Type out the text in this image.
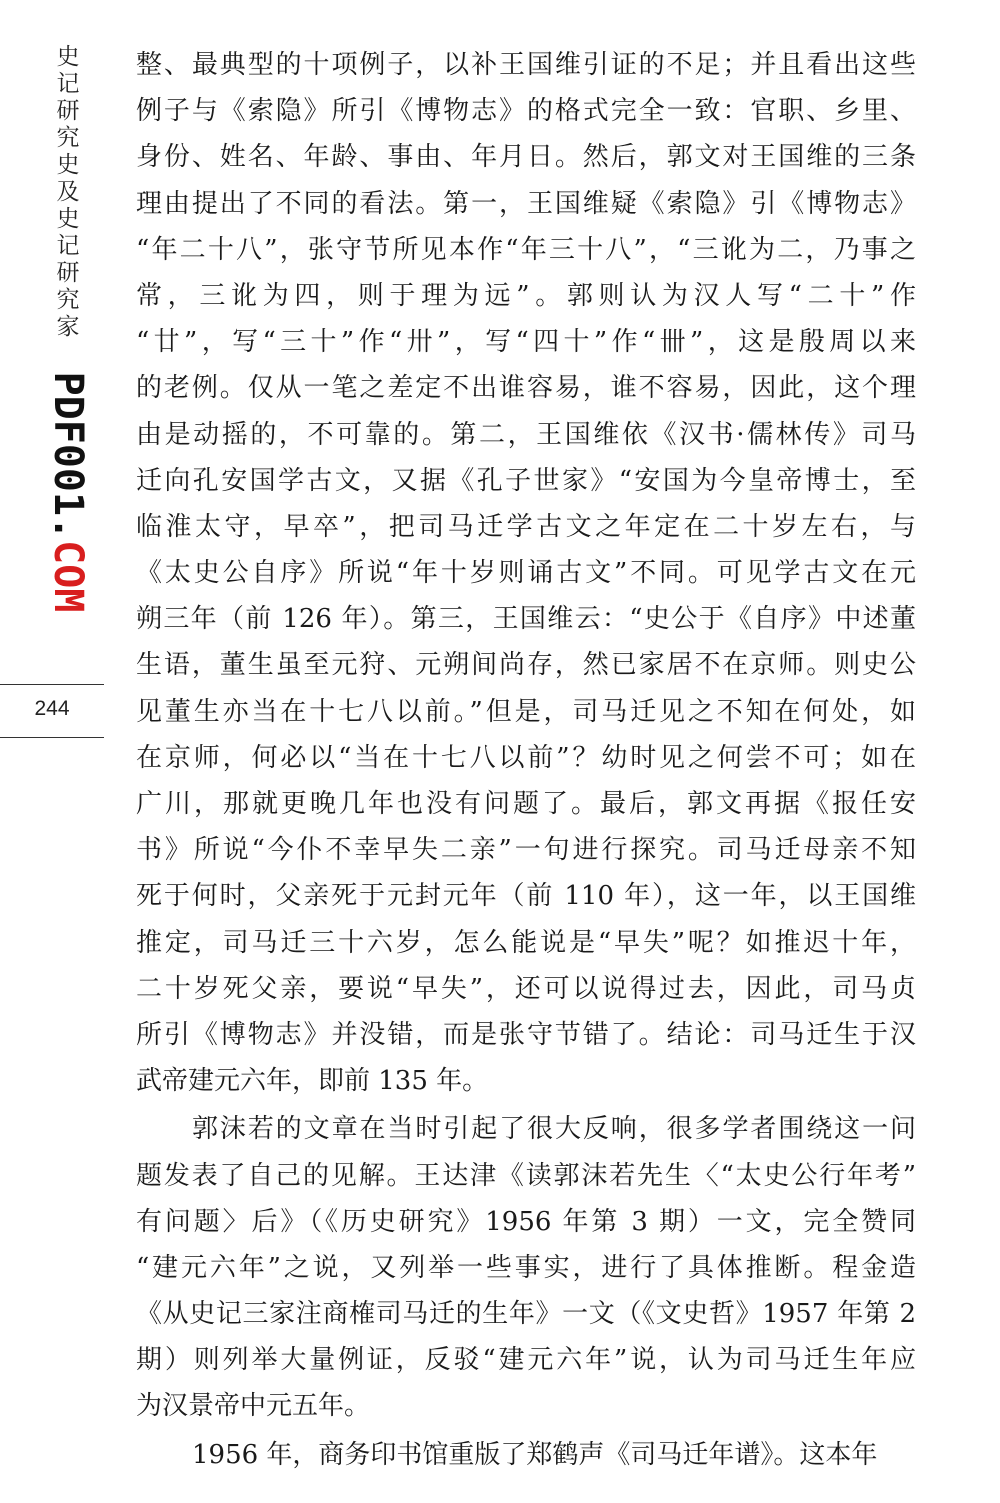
史记研究史及史记研究家
PDF001.COM
244
整、最典型的十项例子，以补王国维引证的不足；并且看出这些
例子与《索隐》所引《博物志》的格式完全一致：官职、乡里、
身份、姓名、年龄、事由、年月日。然后，郭文对王国维的三条
理由提出了不同的看法。第一，王国维疑《索隐》引《博物志》
“年二十八”，张守节所见本作“年三十八”，“三讹为二，乃事之
常，三讹为四，则于理为远”。郭则认为汉人写“二十”作
“廿”，写“三十”作“卅”，写“四十”作“卌”，这是殷周以来
的老例。仅从一笔之差定不出谁容易，谁不容易，因此，这个理
由是动摇的，不可靠的。第二，王国维依《汉书·儒林传》司马
迁向孔安国学古文，又据《孔子世家》“安国为今皇帝博士，至
临淮太守，早卒”，把司马迁学古文之年定在二十岁左右，与
《太史公自序》所说“年十岁则诵古文”不同。可见学古文在元
朔三年（前 126 年）。第三，王国维云：“史公于《自序》中述董
生语，董生虽至元狩、元朔间尚存，然已家居不在京师。则史公
见董生亦当在十七八以前。”但是，司马迁见之不知在何处，如
在京师，何必以“当在十七八以前”？幼时见之何尝不可；如在
广川，那就更晚几年也没有问题了。最后，郭文再据《报任安
书》所说“今仆不幸早失二亲”一句进行探究。司马迁母亲不知
死于何时，父亲死于元封元年（前 110 年），这一年，以王国维
推定，司马迁三十六岁，怎么能说是“早失”呢？如推迟十年，
二十岁死父亲，要说“早失”，还可以说得过去，因此，司马贞
所引《博物志》并没错，而是张守节错了。结论：司马迁生于汉
武帝建元六年，即前 135 年。
郭沫若的文章在当时引起了很大反响，很多学者围绕这一问
题发表了自己的见解。王达津《读郭沫若先生〈“太史公行年考”
有问题〉后》（《历史研究》1956 年第 3 期）一文，完全赞同
“建元六年”之说，又列举一些事实，进行了具体推断。程金造
《从史记三家注商榷司马迁的生年》一文（《文史哲》1957 年第 2
期）则列举大量例证，反驳“建元六年”说，认为司马迁生年应
为汉景帝中元五年。
1956 年，商务印书馆重版了郑鹤声《司马迁年谱》。这本年
